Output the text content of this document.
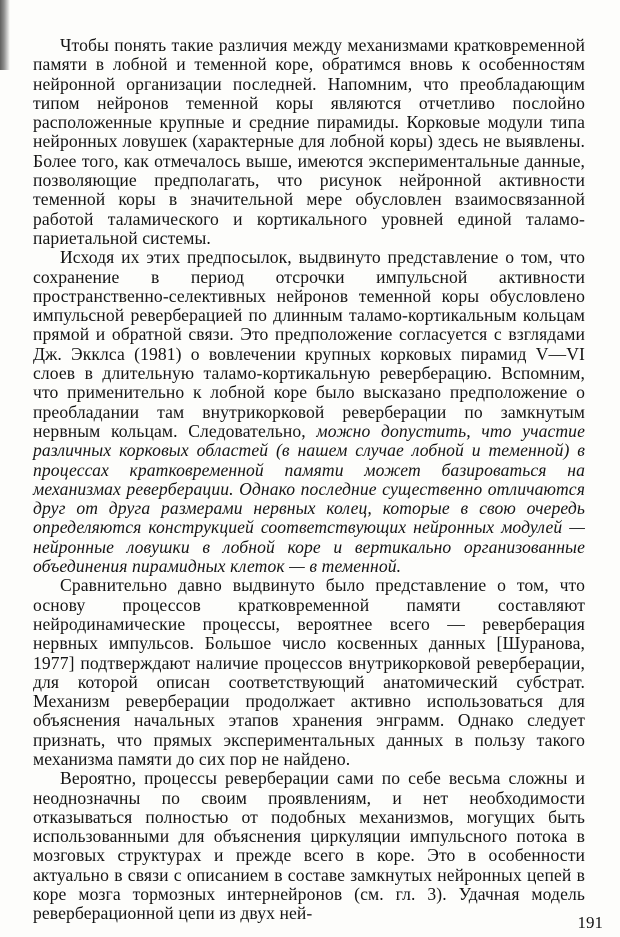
Чтобы понять такие различия между механизмами кратковременной памяти в лобной и теменной коре, обратимся вновь к особенностям нейронной организации последней. Напомним, что преобладающим типом нейронов теменной коры являются отчетливо послойно расположенные крупные и средние пирамиды. Корковые модули типа нейронных ловушек (характерные для лобной коры) здесь не выявлены. Более того, как отмечалось выше, имеются экспериментальные данные, позволяющие предполагать, что рисунок нейронной активности теменной коры в значительной мере обусловлен взаимосвязанной работой таламического и кортикального уровней единой таламо-париетальной системы.

Исходя их этих предпосылок, выдвинуто представление о том, что сохранение в период отсрочки импульсной активности пространственно-селективных нейронов теменной коры обусловлено импульсной реверберацией по длинным таламо-кортикальным кольцам прямой и обратной связи. Это предположение согласуется с взглядами Дж. Экклса (1981) о вовлечении крупных корковых пирамид V—VI слоев в длительную таламо-кортикальную реверберацию. Вспомним, что применительно к лобной коре было высказано предположение о преобладании там внутрикорковой реверберации по замкнутым нервным кольцам. Следовательно, можно допустить, что участие различных корковых областей (в нашем случае лобной и теменной) в процессах кратковременной памяти может базироваться на механизмах реверберации. Однако последние существенно отличаются друг от друга размерами нервных колец, которые в свою очередь определяются конструкцией соответствующих нейронных модулей — нейронные ловушки в лобной коре и вертикально организованные объединения пирамидных клеток — в теменной.

Сравнительно давно выдвинуто было представление о том, что основу процессов кратковременной памяти составляют нейродинамические процессы, вероятнее всего — реверберация нервных импульсов. Большое число косвенных данных [Шуранова, 1977] подтверждают наличие процессов внутрикорковой реверберации, для которой описан соответствующий анатомический субстрат. Механизм реверберации продолжает активно использоваться для объяснения начальных этапов хранения энграмм. Однако следует признать, что прямых экспериментальных данных в пользу такого механизма памяти до сих пор не найдено.

Вероятно, процессы реверберации сами по себе весьма сложны и неоднозначны по своим проявлениям, и нет необходимости отказываться полностью от подобных механизмов, могущих быть использованными для объяснения циркуляции импульсного потока в мозговых структурах и прежде всего в коре. Это в особенности актуально в связи с описанием в составе замкнутых нейронных цепей в коре мозга тормозных интернейронов (см. гл. 3). Удачная модель реверберационной цепи из двух ней-	191
